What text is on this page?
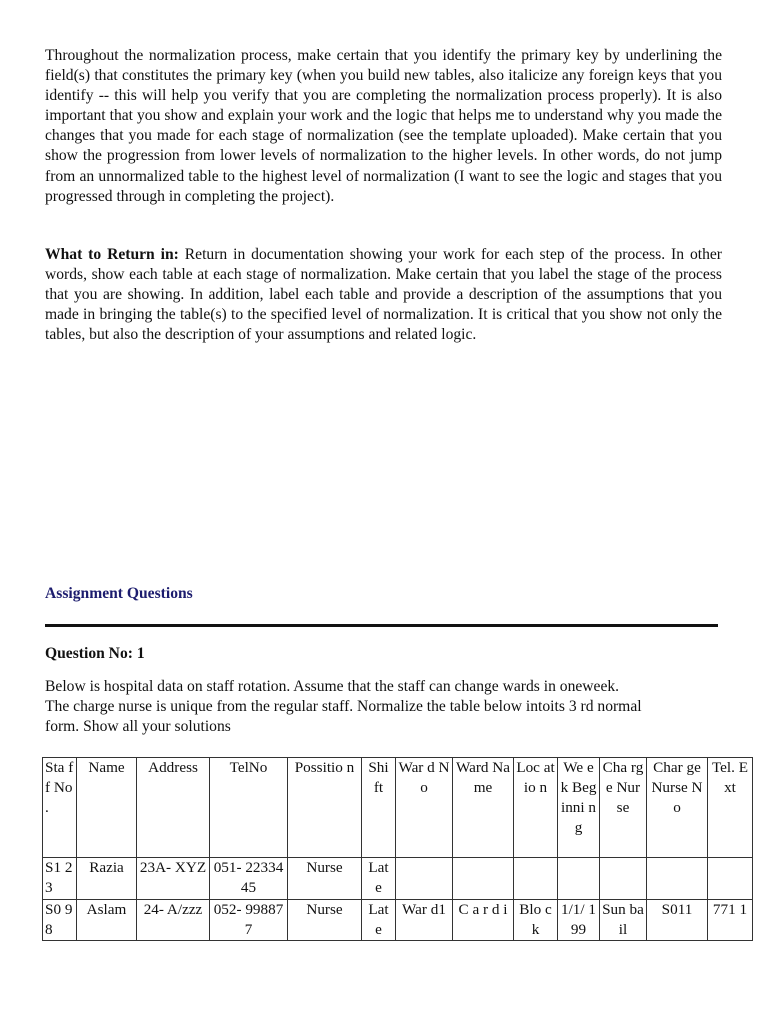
Throughout the normalization process, make certain that you identify the primary key by underlining the field(s) that constitutes the primary key (when you build new tables, also italicize any foreign keys that you identify -- this will help you verify that you are completing the normalization process properly). It is also important that you show and explain your work and the logic that helps me to understand why you made the changes that you made for each stage of normalization (see the template uploaded). Make certain that you show the progression from lower levels of normalization to the higher levels. In other words, do not jump from an unnormalized table to the highest level of normalization (I want to see the logic and stages that you progressed through in completing the project).

What to Return in: Return in documentation showing your work for each step of the process. In other words, show each table at each stage of normalization. Make certain that you label the stage of the process that you are showing. In addition, label each table and provide a description of the assumptions that you made in bringing the table(s) to the specified level of normalization. It is critical that you show not only the tables, but also the description of your assumptions and related logic.

Assignment Questions
Question No: 1

Below is hospital data on staff rotation. Assume that the staff can change wards in oneweek.
The charge nurse is unique from the regular staff. Normalize the table below intoits 3 rd normal
form. Show all your solutions

Sta ff No .	Name	Address	TelNo	Possitio n	Shi ft	War d No	Ward Name	Loc atio n	We ek Beg inni ng	Cha rge Nur se	Char ge Nurse No	Tel. Ext
S1 23	Razia	23A- XYZ	051- 2233445	Nurse	Lat e							
S0 98	Aslam	24- A/zzz	052- 998877	Nurse	Lat e	War d1	C a r d i	Blo ck	1/1/ 199	Sun bail	S011	771 1
